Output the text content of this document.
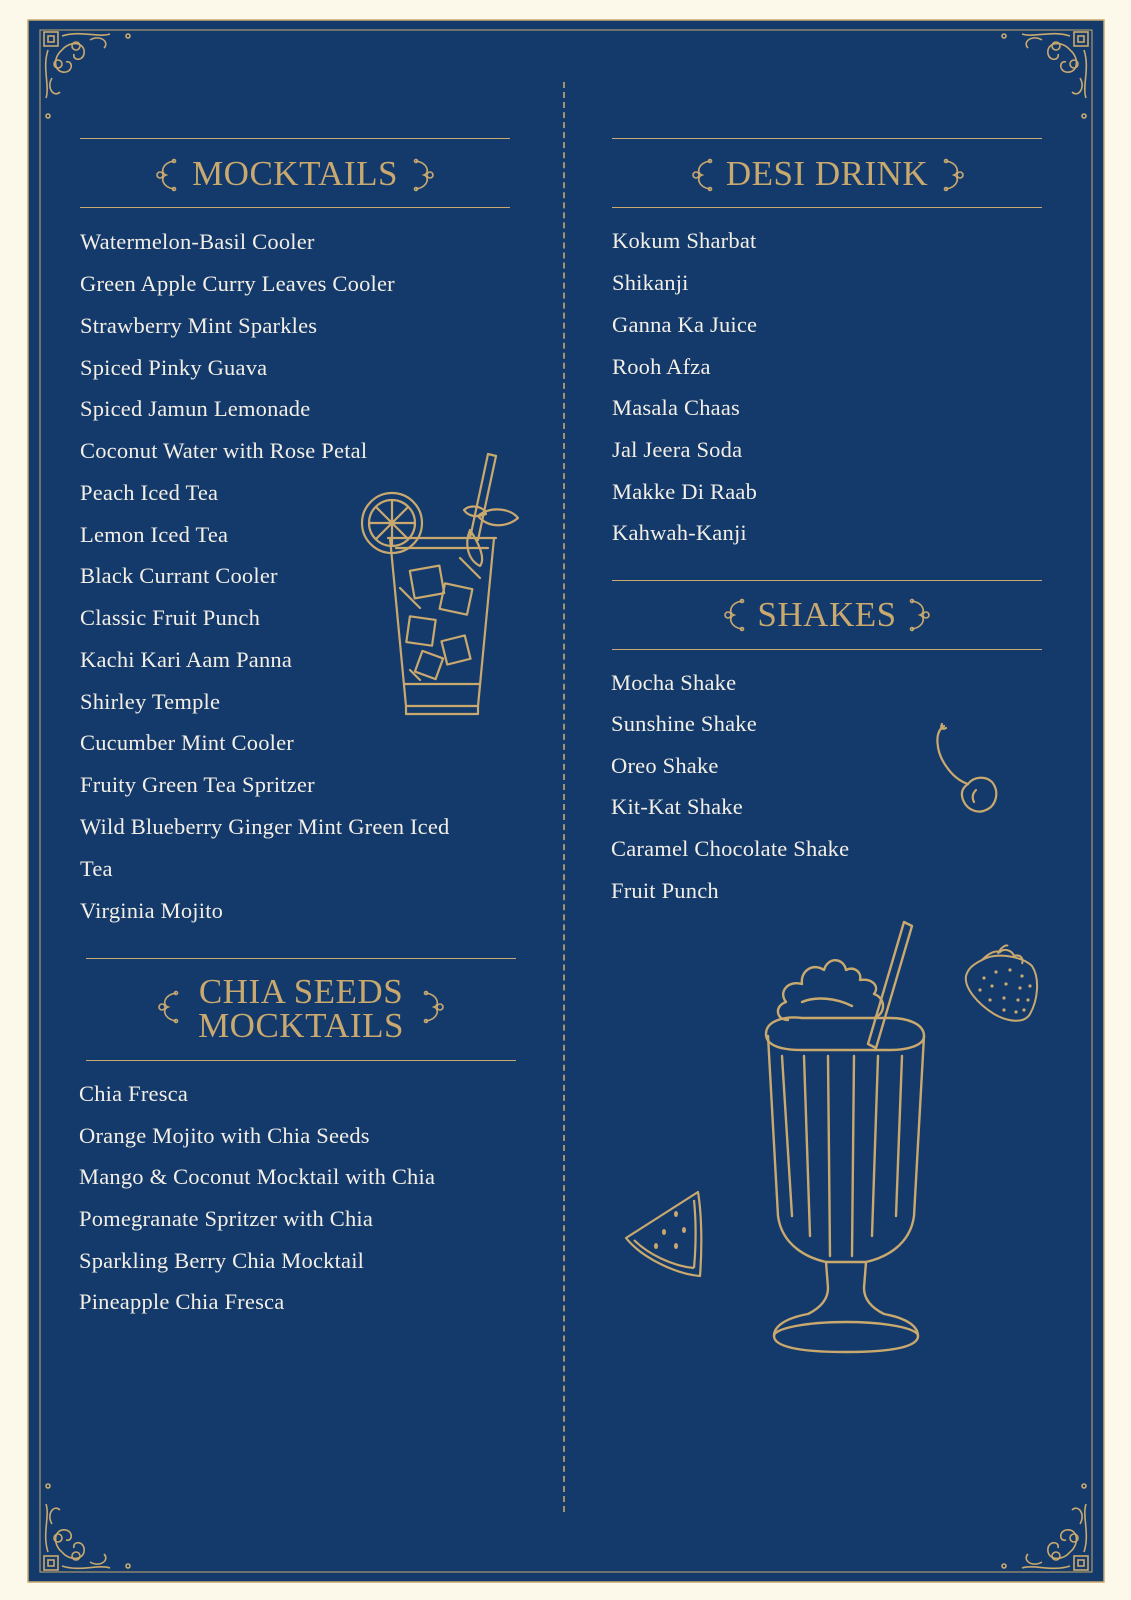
MOCKTAILS
Watermelon-Basil Cooler
Green Apple Curry Leaves Cooler
Strawberry Mint Sparkles
Spiced Pinky Guava
Spiced Jamun Lemonade
Coconut Water with Rose Petal
Peach Iced Tea
Lemon Iced Tea
Black Currant Cooler
Classic Fruit Punch
Kachi Kari Aam Panna
Shirley Temple
Cucumber Mint Cooler
Fruity Green Tea Spritzer
Wild Blueberry Ginger Mint Green Iced
Tea
Virginia Mojito
CHIA SEEDS
MOCKTAILS
Chia Fresca
Orange Mojito with Chia Seeds
Mango & Coconut Mocktail with Chia
Pomegranate Spritzer with Chia
Sparkling Berry Chia Mocktail
Pineapple Chia Fresca
DESI DRINK
Kokum Sharbat
Shikanji
Ganna Ka Juice
Rooh Afza
Masala Chaas
Jal Jeera Soda
Makke Di Raab
Kahwah-Kanji
SHAKES
Mocha Shake
Sunshine Shake
Oreo Shake
Kit-Kat Shake
Caramel Chocolate Shake
Fruit Punch
